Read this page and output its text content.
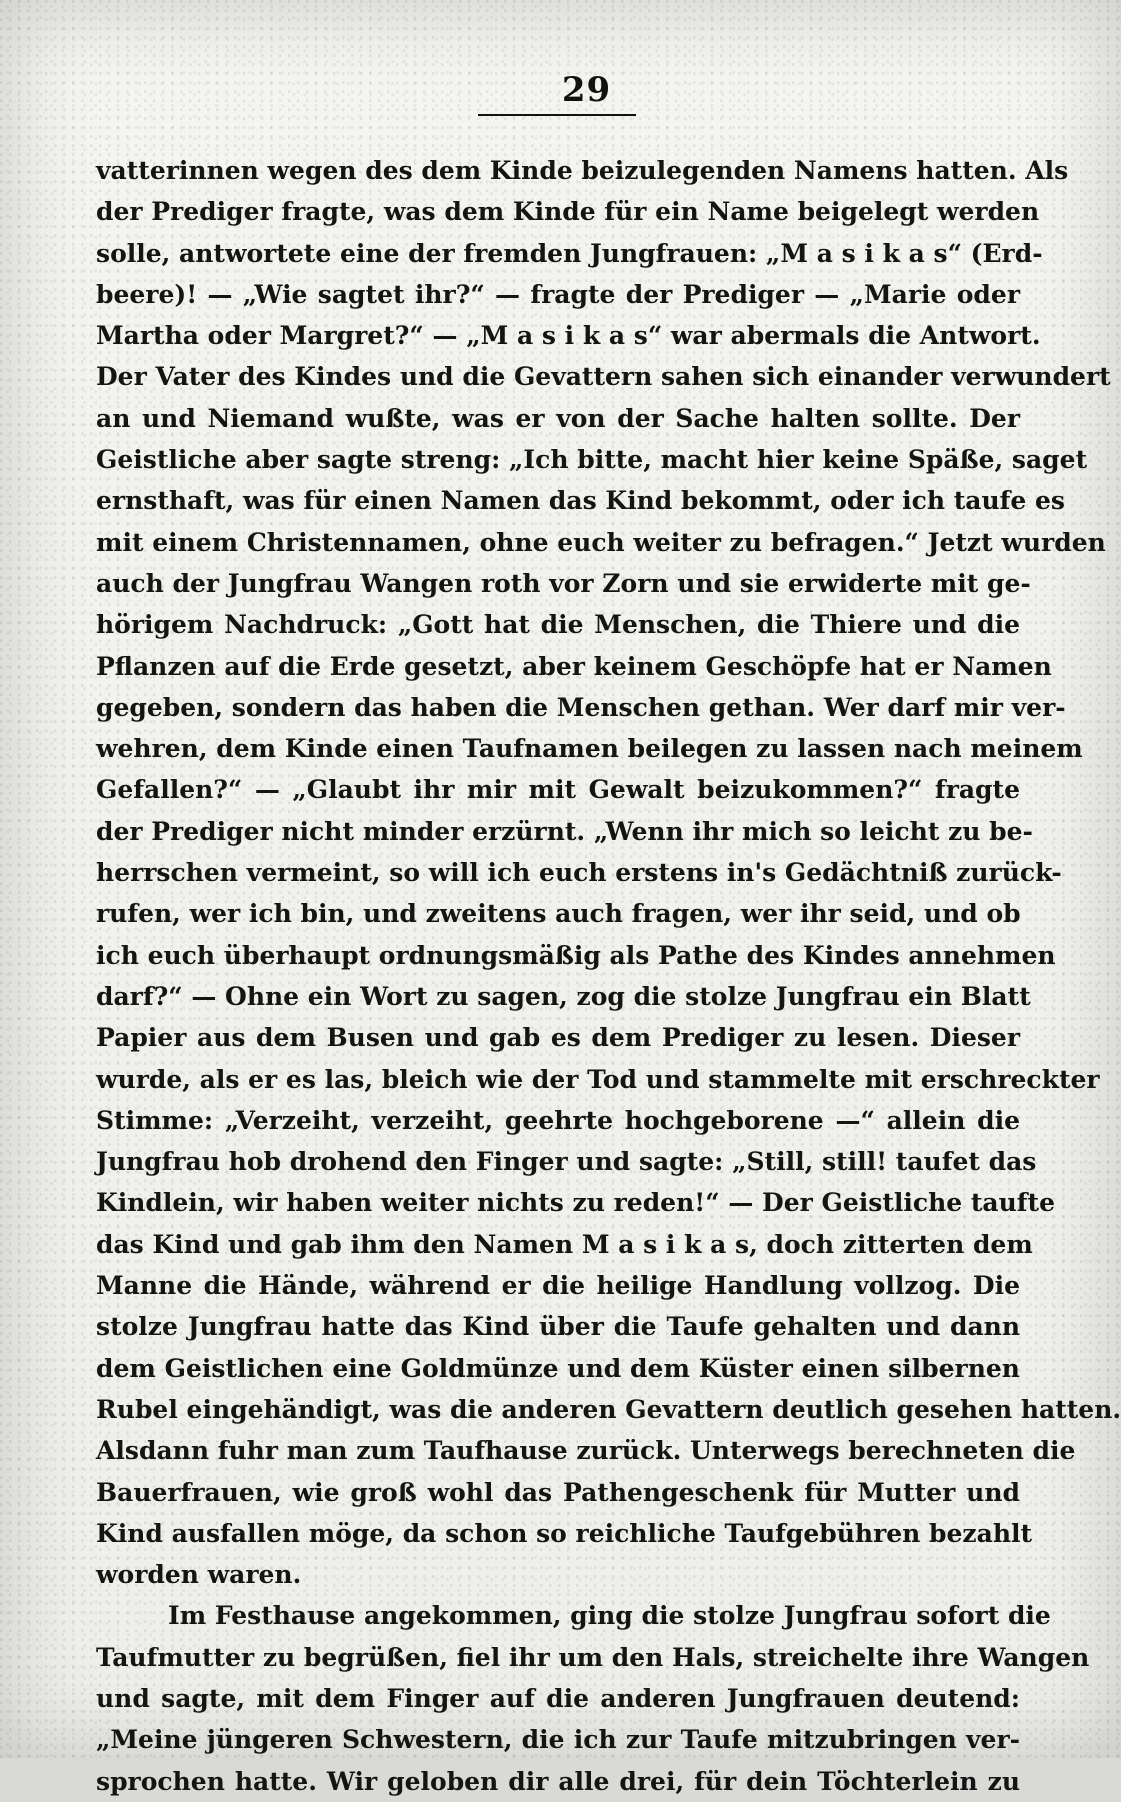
29
vatterinnen wegen des dem Kinde beizulegenden Namens hatten. Als
der Prediger fragte, was dem Kinde für ein Name beigelegt werden
solle, antwortete eine der fremden Jungfrauen: „M a s i k a s“ (Erd-
beere)! — „Wie sagtet ihr?“ — fragte der Prediger — „Marie oder
Martha oder Margret?“ — „M a s i k a s“ war abermals die Antwort.
Der Vater des Kindes und die Gevattern sahen sich einander verwundert
an und Niemand wußte, was er von der Sache halten sollte. Der
Geistliche aber sagte streng: „Ich bitte, macht hier keine Späße, saget
ernsthaft, was für einen Namen das Kind bekommt, oder ich taufe es
mit einem Christennamen, ohne euch weiter zu befragen.“ Jetzt wurden
auch der Jungfrau Wangen roth vor Zorn und sie erwiderte mit ge-
hörigem Nachdruck: „Gott hat die Menschen, die Thiere und die
Pflanzen auf die Erde gesetzt, aber keinem Geschöpfe hat er Namen
gegeben, sondern das haben die Menschen gethan. Wer darf mir ver-
wehren, dem Kinde einen Taufnamen beilegen zu lassen nach meinem
Gefallen?“ — „Glaubt ihr mir mit Gewalt beizukommen?“ fragte
der Prediger nicht minder erzürnt. „Wenn ihr mich so leicht zu be-
herrschen vermeint, so will ich euch erstens in's Gedächtniß zurück-
rufen, wer ich bin, und zweitens auch fragen, wer ihr seid, und ob
ich euch überhaupt ordnungsmäßig als Pathe des Kindes annehmen
darf?“ — Ohne ein Wort zu sagen, zog die stolze Jungfrau ein Blatt
Papier aus dem Busen und gab es dem Prediger zu lesen. Dieser
wurde, als er es las, bleich wie der Tod und stammelte mit erschreckter
Stimme: „Verzeiht, verzeiht, geehrte hochgeborene —“ allein die
Jungfrau hob drohend den Finger und sagte: „Still, still! taufet das
Kindlein, wir haben weiter nichts zu reden!“ — Der Geistliche taufte
das Kind und gab ihm den Namen M a s i k a s, doch zitterten dem
Manne die Hände, während er die heilige Handlung vollzog. Die
stolze Jungfrau hatte das Kind über die Taufe gehalten und dann
dem Geistlichen eine Goldmünze und dem Küster einen silbernen
Rubel eingehändigt, was die anderen Gevattern deutlich gesehen hatten.
Alsdann fuhr man zum Taufhause zurück. Unterwegs berechneten die
Bauerfrauen, wie groß wohl das Pathengeschenk für Mutter und
Kind ausfallen möge, da schon so reichliche Taufgebühren bezahlt
worden waren.
Im Festhause angekommen, ging die stolze Jungfrau sofort die
Taufmutter zu begrüßen, fiel ihr um den Hals, streichelte ihre Wangen
und sagte, mit dem Finger auf die anderen Jungfrauen deutend:
„Meine jüngeren Schwestern, die ich zur Taufe mitzubringen ver-
sprochen hatte. Wir geloben dir alle drei, für dein Töchterlein zu
